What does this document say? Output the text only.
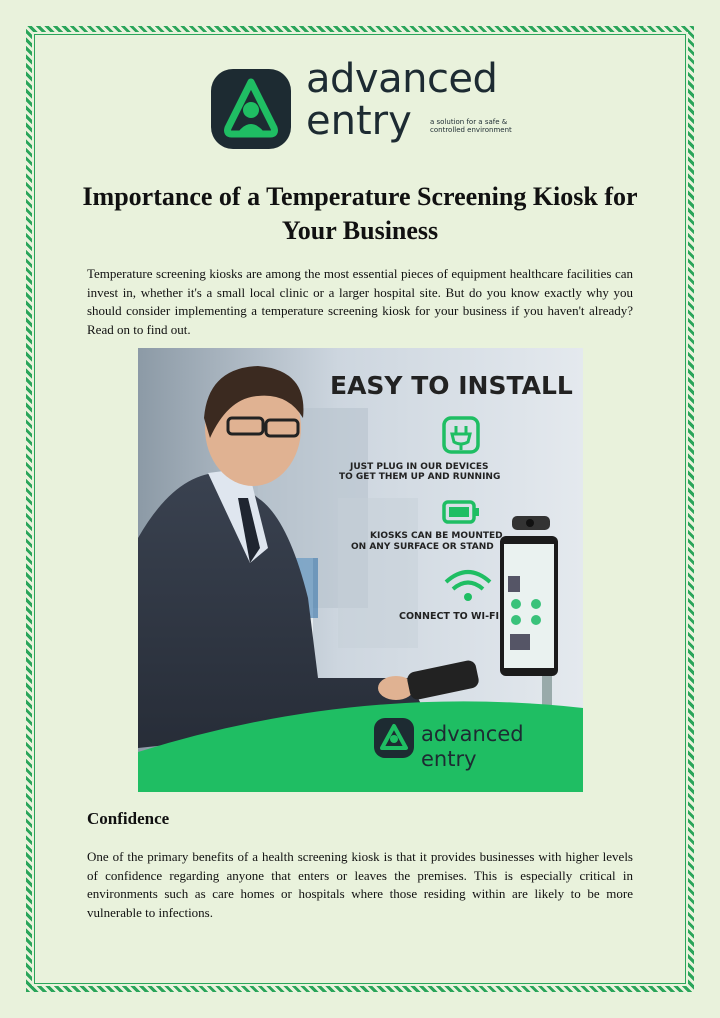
advanced
entry	a solution for a safe & controlled environment
Importance of a Temperature Screening Kiosk for Your Business

Temperature screening kiosks are among the most essential pieces of equipment healthcare facilities can invest in, whether it's a small local clinic or a larger hospital site. But do you know exactly why you should consider implementing a temperature screening kiosk for your business if you haven't already? Read on to find out.

EASY TO INSTALL
JUST PLUG IN OUR DEVICES
TO GET THEM UP AND RUNNING
KIOSKS CAN BE MOUNTED
ON ANY SURFACE OR STAND
CONNECT TO WI-FI
advanced
entry
Confidence

One of the primary benefits of a health screening kiosk is that it provides businesses with higher levels of confidence regarding anyone that enters or leaves the premises. This is especially critical in environments such as care homes or hospitals where those residing within are likely to be more vulnerable to infections.
